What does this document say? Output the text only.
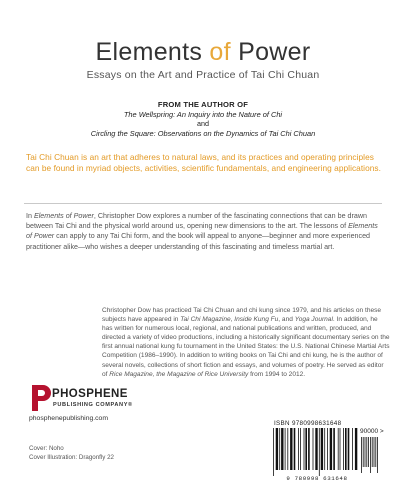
Elements of Power
Essays on the Art and Practice of Tai Chi Chuan
FROM THE AUTHOR OF
The Wellspring: An Inquiry into the Nature of Chi
and
Circling the Square: Observations on the Dynamics of Tai Chi Chuan
Tai Chi Chuan is an art that adheres to natural laws, and its practices and operating principles can be found in myriad objects, activities, scientific fundamentals, and engineering applications.
In Elements of Power, Christopher Dow explores a number of the fascinating connections that can be drawn between Tai Chi and the physical world around us, opening new dimensions to the art. The lessons of Elements of Power can apply to any Tai Chi form, and the book will appeal to anyone—beginner and more experienced practitioner alike—who wishes a deeper understanding of this fascinating and timeless martial art.
Christopher Dow has practiced Tai Chi Chuan and chi kung since 1979, and his articles on these subjects have appeared in Tai Chi Magazine, Inside Kung Fu, and Yoga Journal. In addition, he has written for numerous local, regional, and national publications and written, produced, and directed a variety of video productions, including a historically significant documentary series on the first annual national kung fu tournament in the United States: the U.S. National Chinese Martial Arts Competition (1986–1990). In addition to writing books on Tai Chi and chi kung, he is the author of several novels, collections of short fiction and essays, and volumes of poetry. He served as editor of Rice Magazine, the Magazine of Rice University from 1994 to 2012.
PHOSPHENE
PUBLISHING COMPANY®
phosphenepublishing.com
Cover: Noho
Cover Illustration: Dragonfly 22
ISBN 9780998631648
90000 >
9 780998 631648
